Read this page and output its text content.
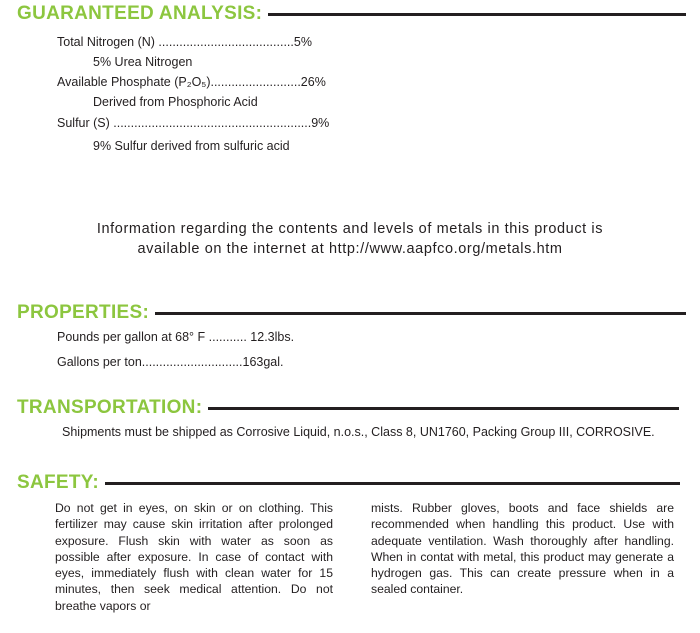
GUARANTEED ANALYSIS:
Total Nitrogen (N) .......................................5%
5% Urea Nitrogen
Available Phosphate (P₂O₅)..........................26%
Derived from Phosphoric Acid
Sulfur (S) .........................................................9%
9% Sulfur derived from sulfuric acid
Information regarding the contents and levels of metals in this product is
available on the internet at http://www.aapfco.org/metals.htm
PROPERTIES:
Pounds per gallon at 68° F ........... 12.3lbs.
Gallons per ton.............................163gal.
TRANSPORTATION:
Shipments must be shipped as Corrosive Liquid, n.o.s., Class 8, UN1760, Packing Group III, CORROSIVE.
SAFETY:
Do not get in eyes, on skin or on clothing. This fertilizer may cause skin irritation after prolonged exposure. Flush skin with water as soon as possible after exposure. In case of contact with eyes, immediately flush with clean water for 15 minutes, then seek medical attention. Do not breathe vapors or
mists. Rubber gloves, boots and face shields are recommended when handling this product. Use with adequate ventilation. Wash thoroughly after handling. When in contat with metal, this product may generate a hydrogen gas. This can create pressure when in a sealed container.
